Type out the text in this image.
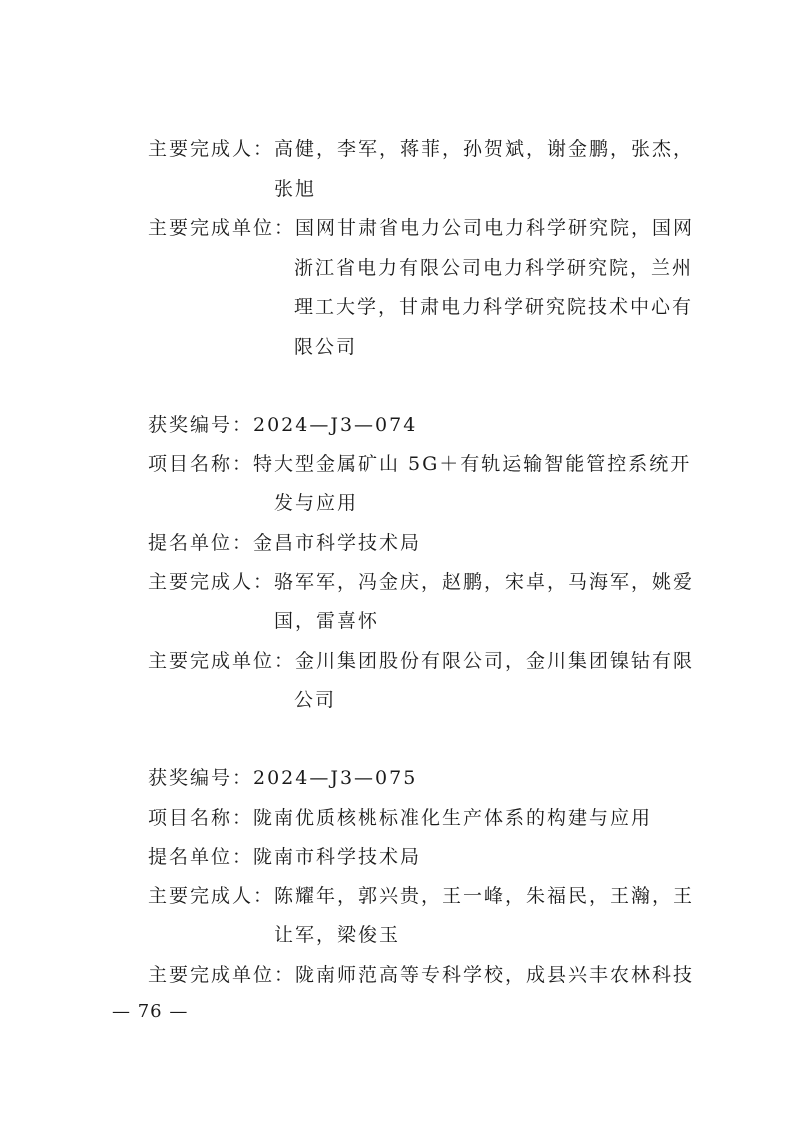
主要完成人：高健，李军，蒋菲，孙贺斌，谢金鹏，张杰，
张旭
主要完成单位：国网甘肃省电力公司电力科学研究院，国网
浙江省电力有限公司电力科学研究院，兰州
理工大学，甘肃电力科学研究院技术中心有
限公司
获奖编号：2024—J3—074
项目名称：特大型金属矿山 5G＋有轨运输智能管控系统开
发与应用
提名单位：金昌市科学技术局
主要完成人：骆军军，冯金庆，赵鹏，宋卓，马海军，姚爱
国，雷喜怀
主要完成单位：金川集团股份有限公司，金川集团镍钴有限
公司
获奖编号：2024—J3—075
项目名称：陇南优质核桃标准化生产体系的构建与应用
提名单位：陇南市科学技术局
主要完成人：陈耀年，郭兴贵，王一峰，朱福民，王瀚，王
让军，梁俊玉
主要完成单位：陇南师范高等专科学校，成县兴丰农林科技
— 76 —
